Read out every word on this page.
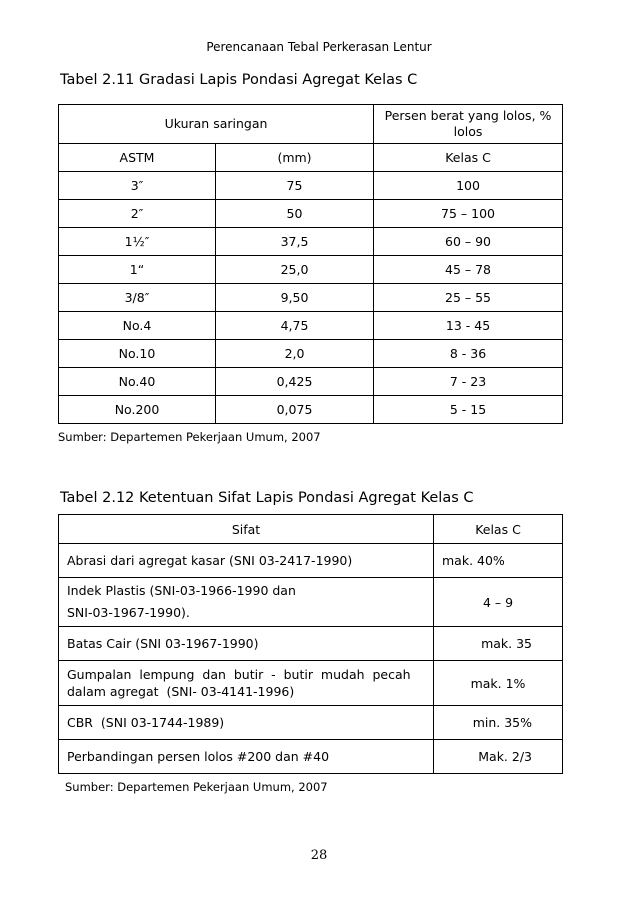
Perencanaan Tebal Perkerasan Lentur
Tabel 2.11 Gradasi Lapis Pondasi Agregat Kelas C
Ukuran saringan		Persen berat yang lolos, % lolos
ASTM	(mm)	Kelas C
3″	75	100
2″	50	75 – 100
1½″	37,5	60 – 90
1“	25,0	45 – 78
3/8″	9,50	25 – 55
No.4	4,75	13 - 45
No.10	2,0	8 - 36
No.40	0,425	7 - 23
No.200	0,075	5 - 15
Sumber: Departemen Pekerjaan Umum, 2007
Tabel 2.12 Ketentuan Sifat Lapis Pondasi Agregat Kelas C
Sifat	Kelas C
Abrasi dari agregat kasar (SNI 03-2417-1990)	mak. 40%
Indek Plastis (SNI-03-1966-1990 dan
SNI-03-1967-1990).	4 – 9
Batas Cair (SNI 03-1967-1990)	mak. 35
Gumpalan  lempung  dan  butir  -  butir  mudah  pecah
dalam agregat  (SNI- 03-4141-1996)	mak. 1%
CBR  (SNI 03-1744-1989)	min. 35%
Perbandingan persen lolos #200 dan #40	Mak. 2/3
Sumber: Departemen Pekerjaan Umum, 2007
28
